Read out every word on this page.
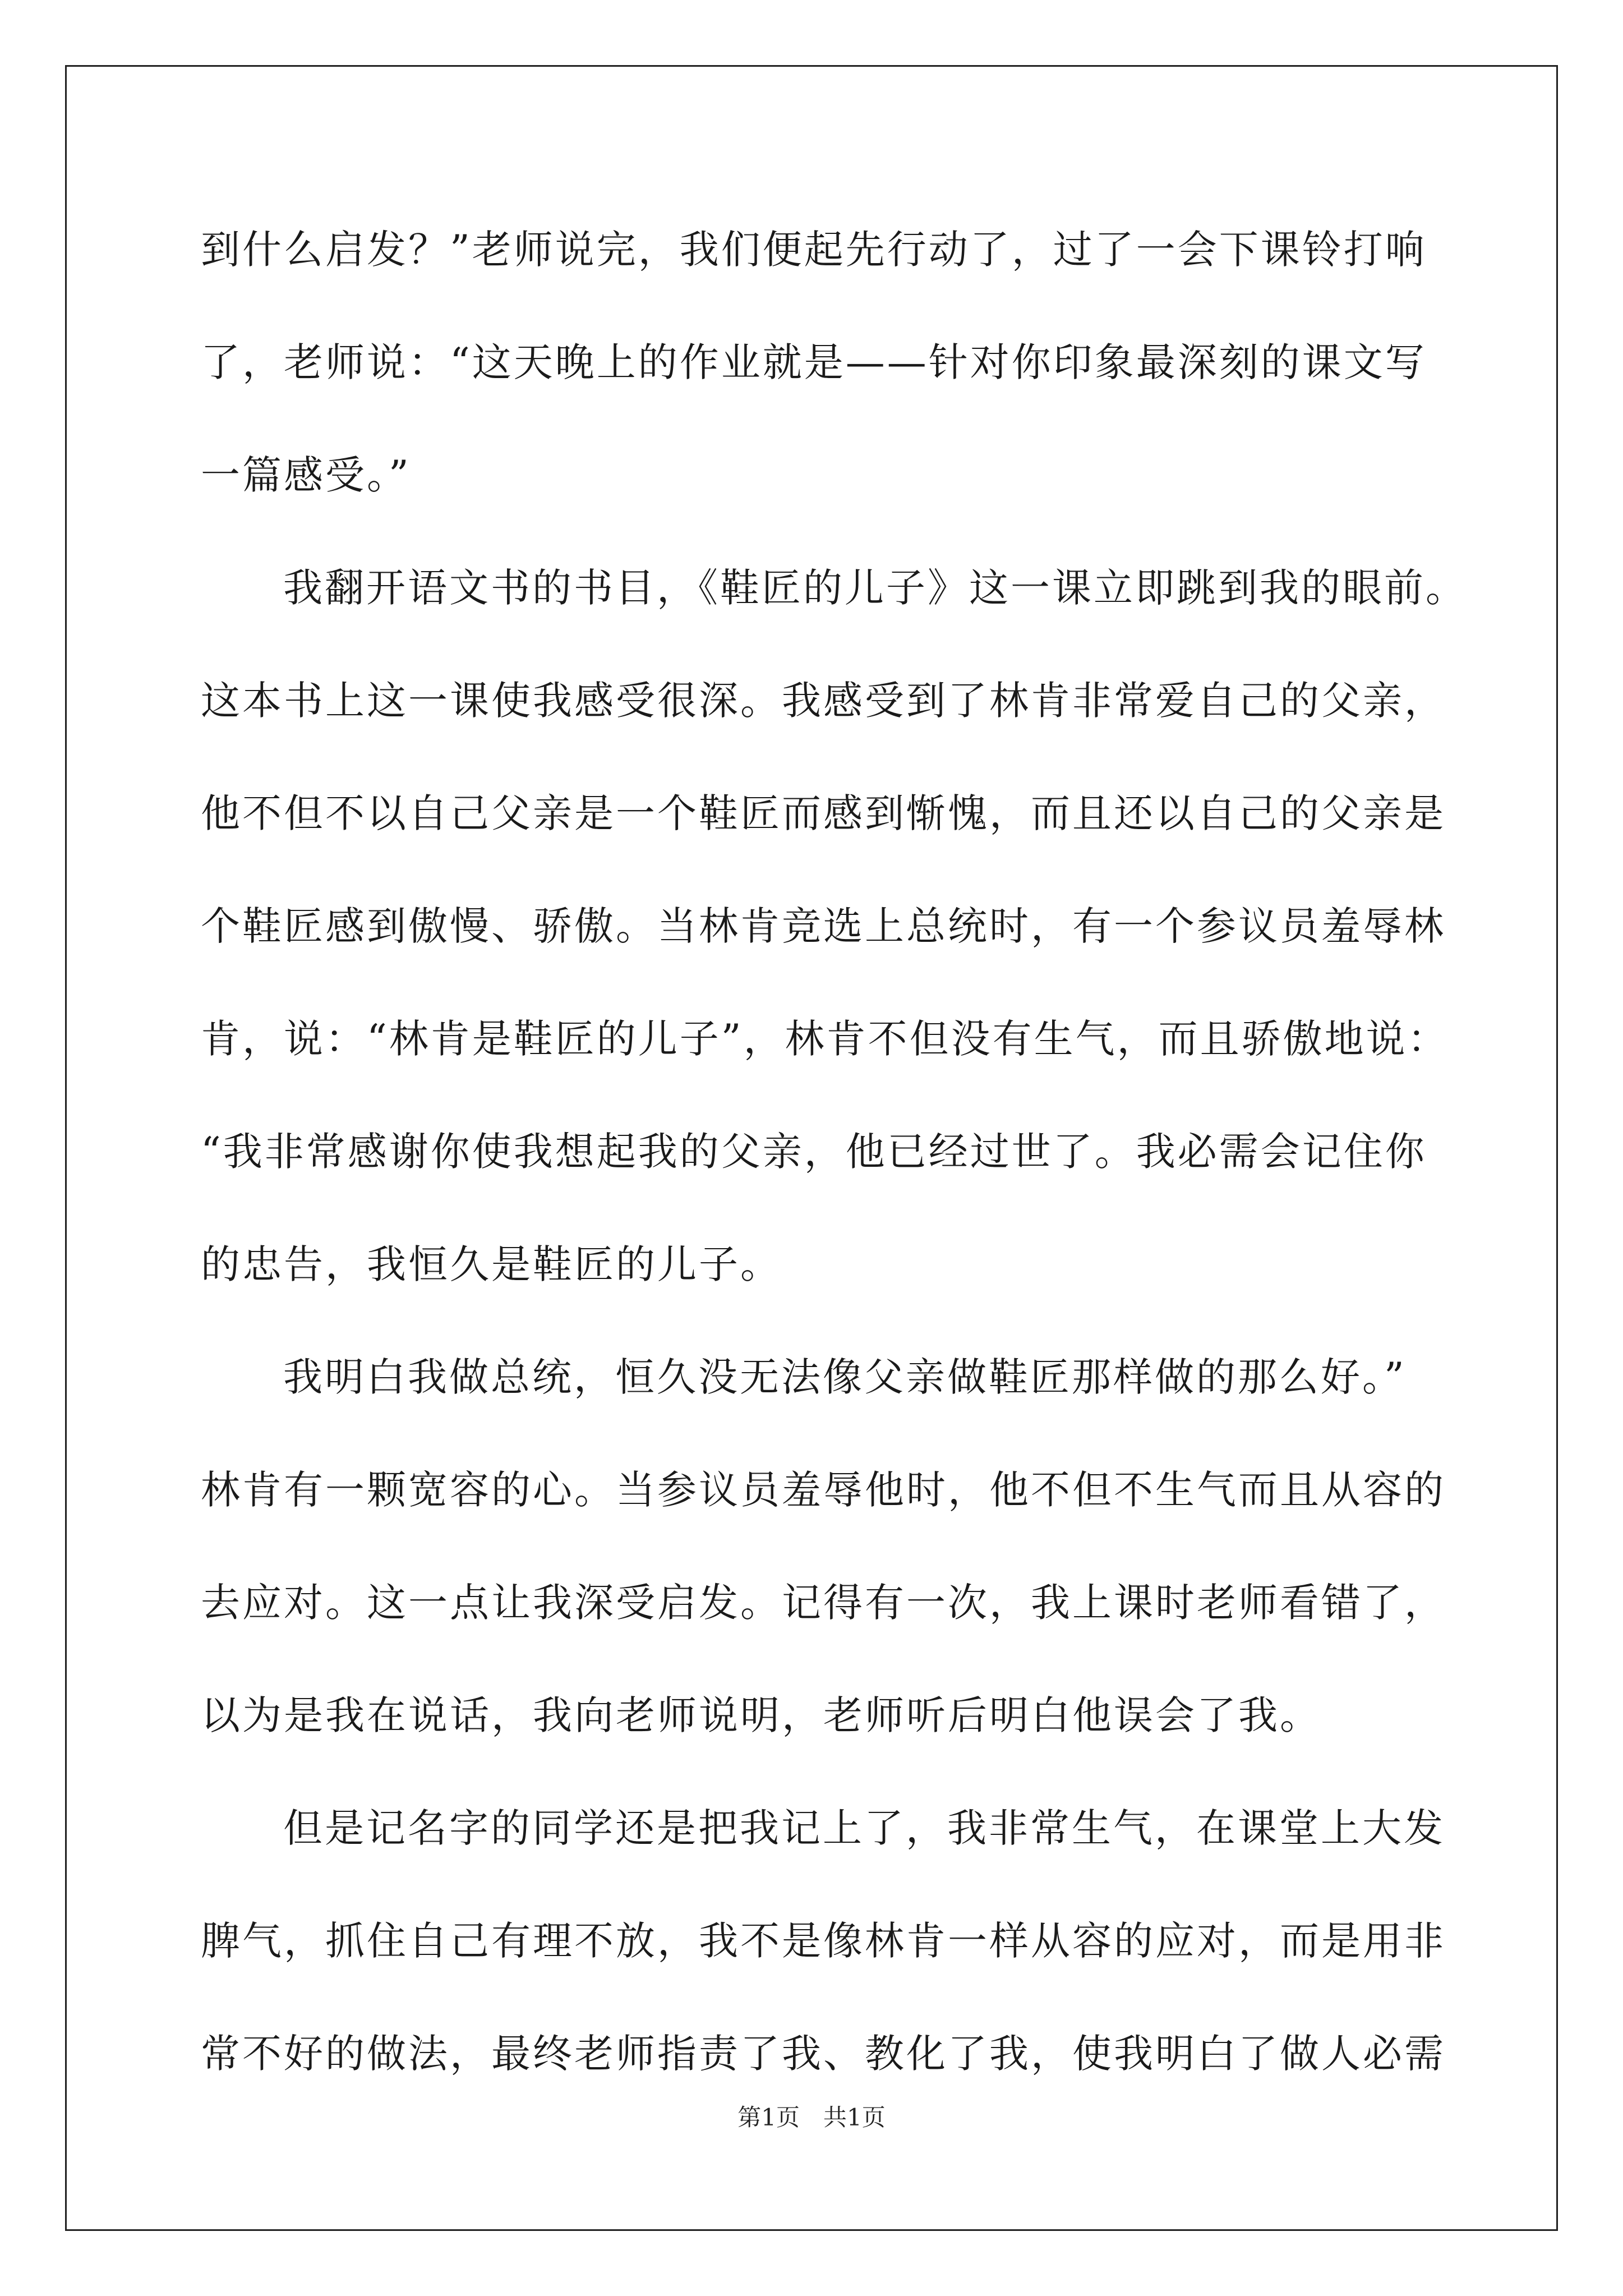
到什么启发？”老师说完，我们便起先行动了，过了一会下课铃打响
了，老师说：“这天晚上的作业就是——针对你印象最深刻的课文写
一篇感受。”
我翻开语文书的书目，《鞋匠的儿子》这一课立即跳到我的眼前。
这本书上这一课使我感受很深。我感受到了林肯非常爱自己的父亲，
他不但不以自己父亲是一个鞋匠而感到惭愧，而且还以自己的父亲是
个鞋匠感到傲慢、骄傲。当林肯竞选上总统时，有一个参议员羞辱林
肯，说：“林肯是鞋匠的儿子”，林肯不但没有生气，而且骄傲地说：
“我非常感谢你使我想起我的父亲，他已经过世了。我必需会记住你
的忠告，我恒久是鞋匠的儿子。
我明白我做总统，恒久没无法像父亲做鞋匠那样做的那么好。”
林肯有一颗宽容的心。当参议员羞辱他时，他不但不生气而且从容的
去应对。这一点让我深受启发。记得有一次，我上课时老师看错了，
以为是我在说话，我向老师说明，老师听后明白他误会了我。
但是记名字的同学还是把我记上了，我非常生气，在课堂上大发
脾气，抓住自己有理不放，我不是像林肯一样从容的应对，而是用非
常不好的做法，最终老师指责了我、教化了我，使我明白了做人必需
第1页　共1页
